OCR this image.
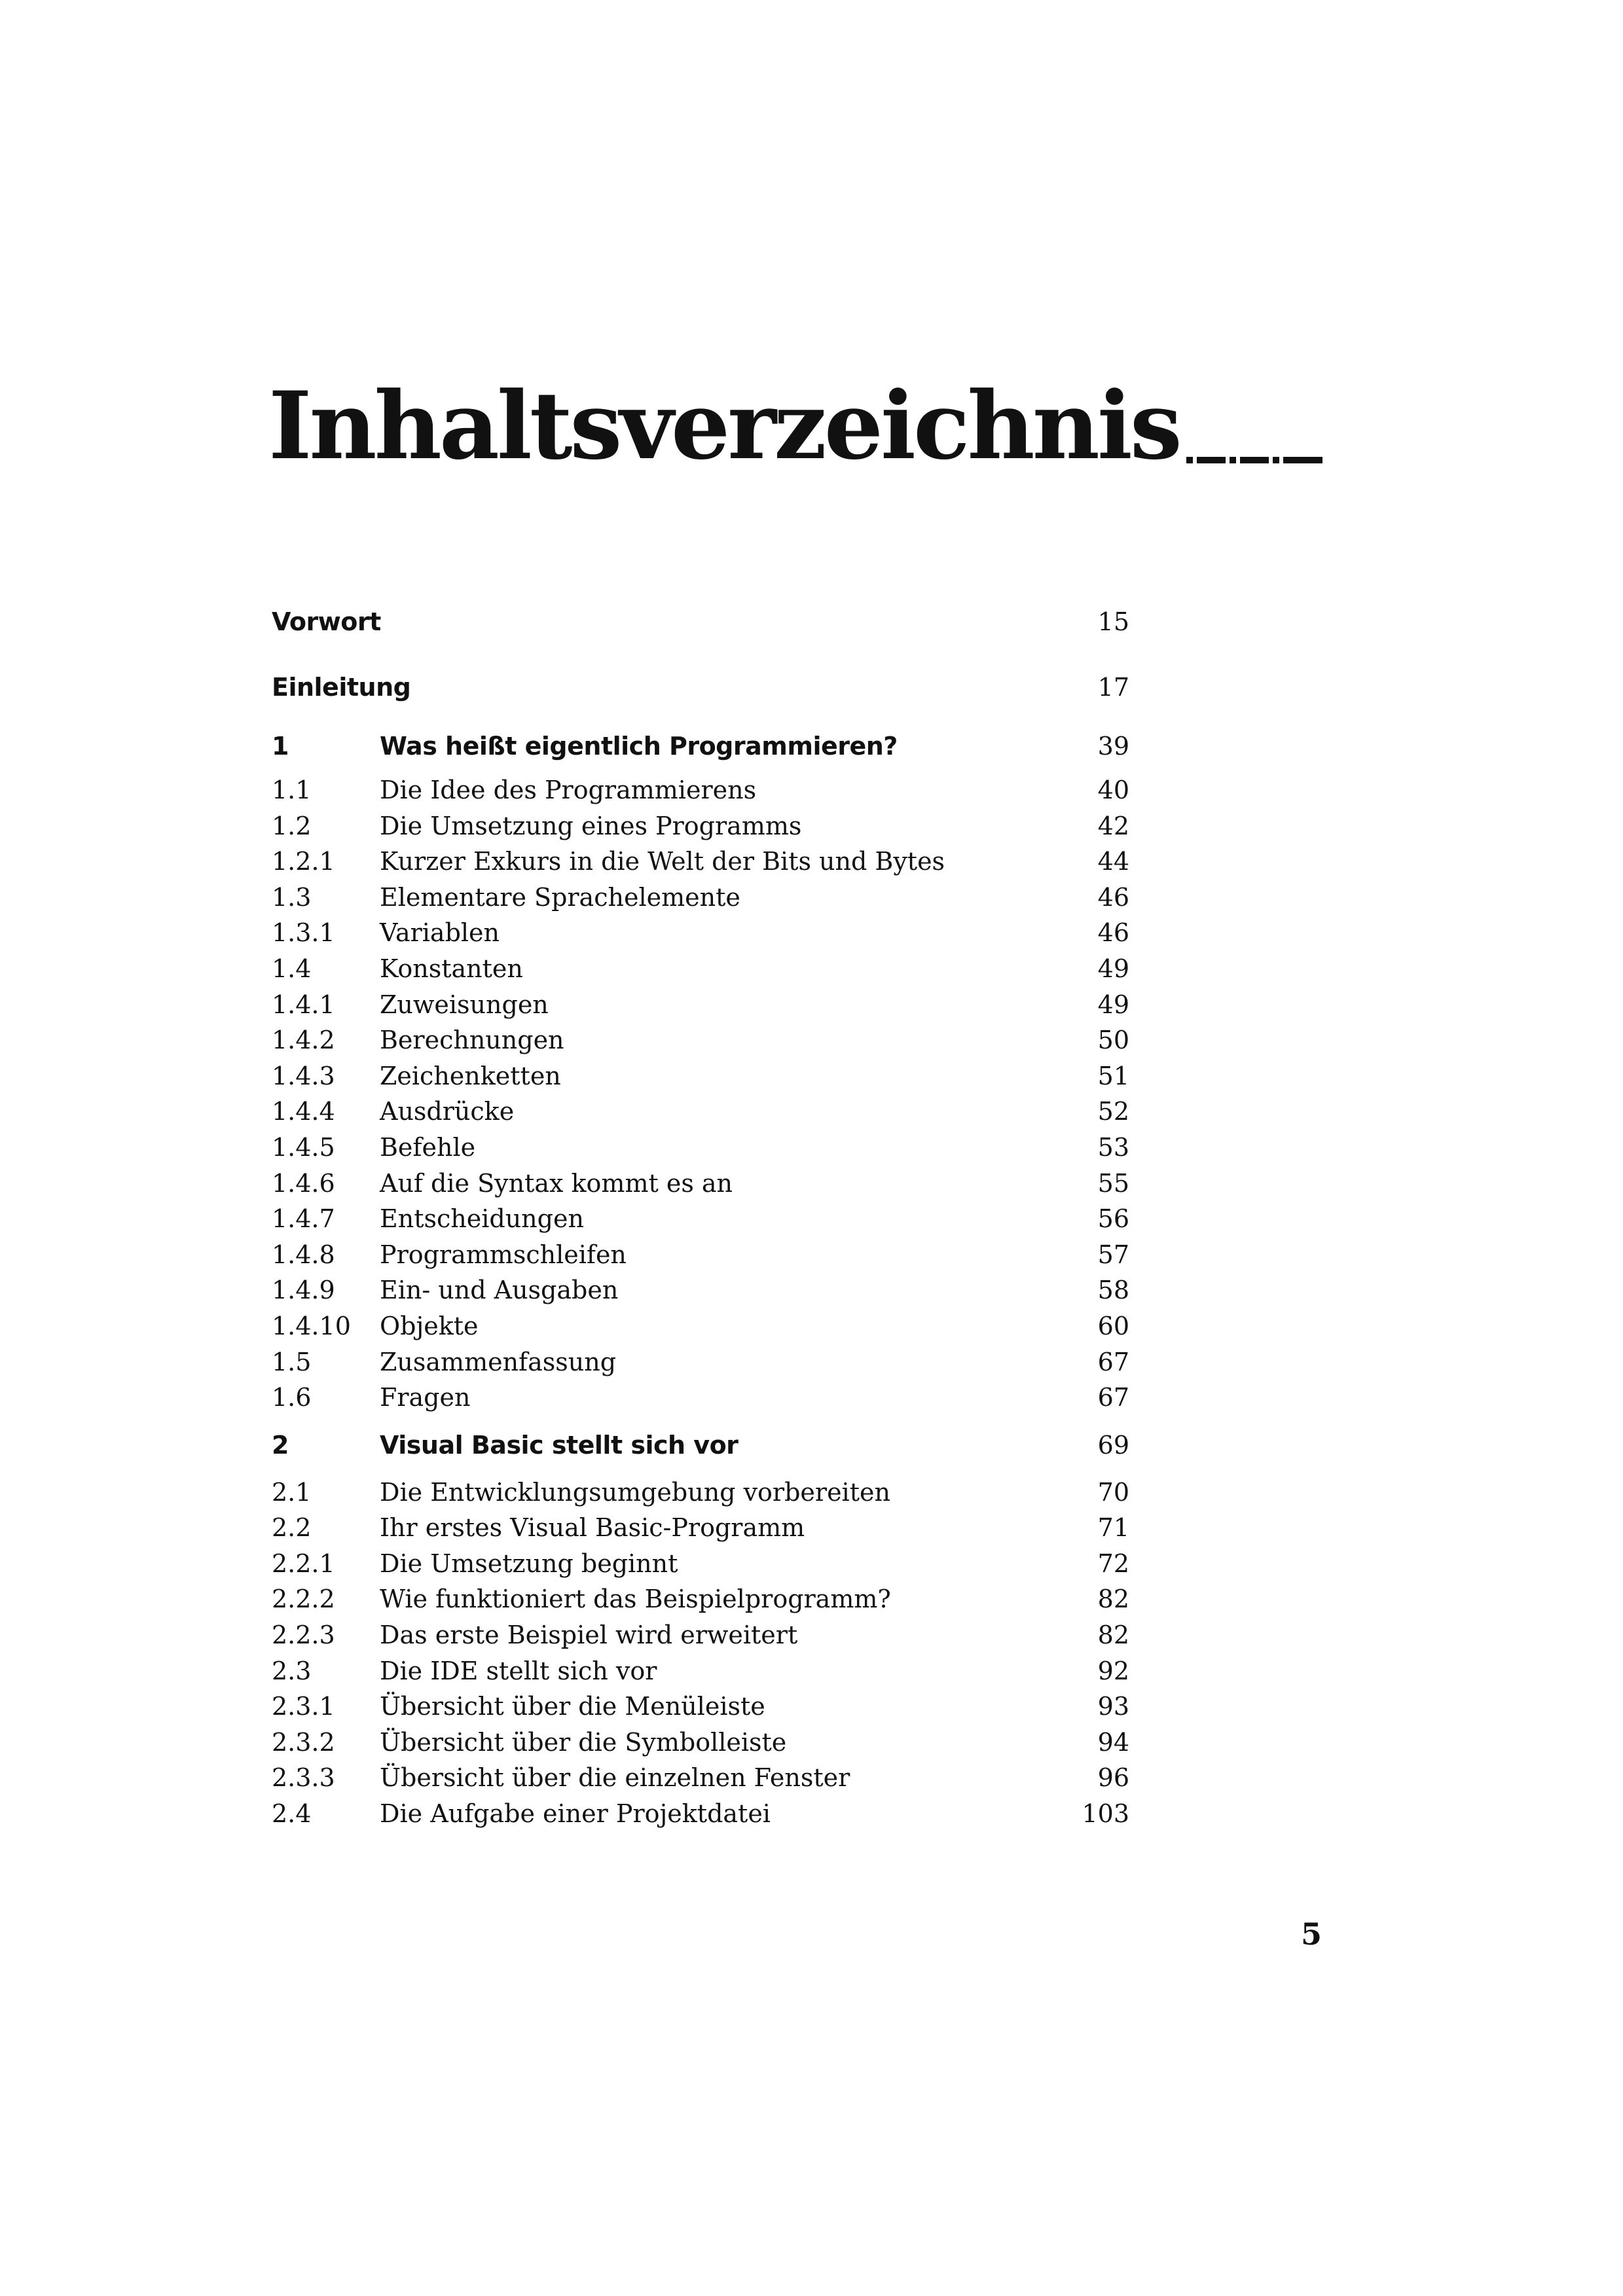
Inhaltsverzeichnis
Vorwort	15
Einleitung	17
1	Was heißt eigentlich Programmieren?	39
1.1	Die Idee des Programmierens	40
1.2	Die Umsetzung eines Programms	42
1.2.1 Kurzer Exkurs in die Welt der Bits und Bytes	44
1.3	Elementare Sprachelemente	46
1.3.1 Variablen	46
1.4	Konstanten	49
1.4.1 Zuweisungen	49
1.4.2 Berechnungen	50
1.4.3 Zeichenketten	51
1.4.4 Ausdrücke	52
1.4.5 Befehle	53
1.4.6 Auf die Syntax kommt es an	55
1.4.7 Entscheidungen	56
1.4.8 Programmschleifen	57
1.4.9 Ein- und Ausgaben	58
1.4.10 Objekte	60
1.5	Zusammenfassung	67
1.6	Fragen	67
2	Visual Basic stellt sich vor	69
2.1	Die Entwicklungsumgebung vorbereiten	70
2.2	Ihr erstes Visual Basic-Programm	71
2.2.1 Die Umsetzung beginnt	72
2.2.2 Wie funktioniert das Beispielprogramm?	82
2.2.3 Das erste Beispiel wird erweitert	82
2.3	Die IDE stellt sich vor	92
2.3.1 Übersicht über die Menüleiste	93
2.3.2 Übersicht über die Symbolleiste	94
2.3.3 Übersicht über die einzelnen Fenster	96
2.4	Die Aufgabe einer Projektdatei	103
5
